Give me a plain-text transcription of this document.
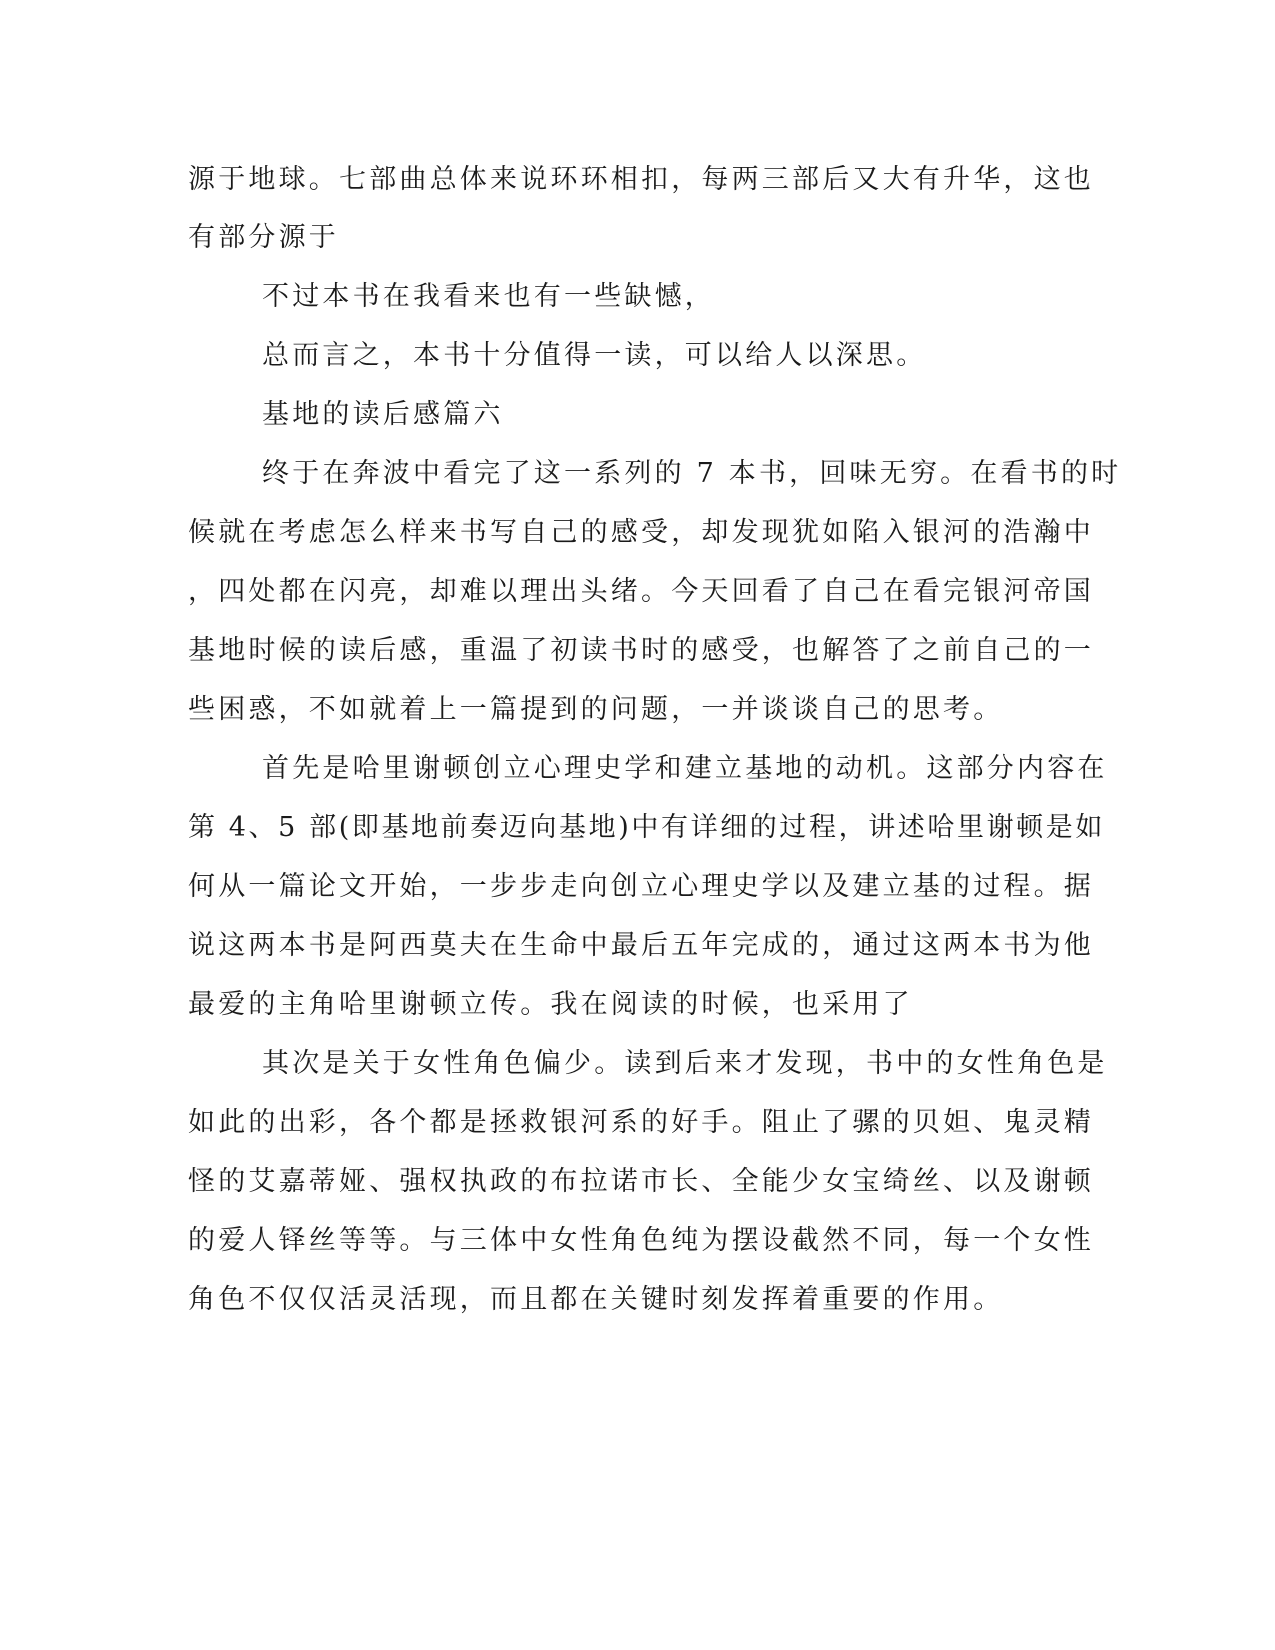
源于地球。七部曲总体来说环环相扣，每两三部后又大有升华，这也
有部分源于
不过本书在我看来也有一些缺憾，
总而言之，本书十分值得一读，可以给人以深思。
基地的读后感篇六
终于在奔波中看完了这一系列的 7 本书，回味无穷。在看书的时
候就在考虑怎么样来书写自己的感受，却发现犹如陷入银河的浩瀚中
，四处都在闪亮，却难以理出头绪。今天回看了自己在看完银河帝国
基地时候的读后感，重温了初读书时的感受，也解答了之前自己的一
些困惑，不如就着上一篇提到的问题，一并谈谈自己的思考。
首先是哈里谢顿创立心理史学和建立基地的动机。这部分内容在
第 4、5 部(即基地前奏迈向基地)中有详细的过程，讲述哈里谢顿是如
何从一篇论文开始，一步步走向创立心理史学以及建立基的过程。据
说这两本书是阿西莫夫在生命中最后五年完成的，通过这两本书为他
最爱的主角哈里谢顿立传。我在阅读的时候，也采用了
其次是关于女性角色偏少。读到后来才发现，书中的女性角色是
如此的出彩，各个都是拯救银河系的好手。阻止了骡的贝妲、鬼灵精
怪的艾嘉蒂娅、强权执政的布拉诺市长、全能少女宝绮丝、以及谢顿
的爱人铎丝等等。与三体中女性角色纯为摆设截然不同，每一个女性
角色不仅仅活灵活现，而且都在关键时刻发挥着重要的作用。
